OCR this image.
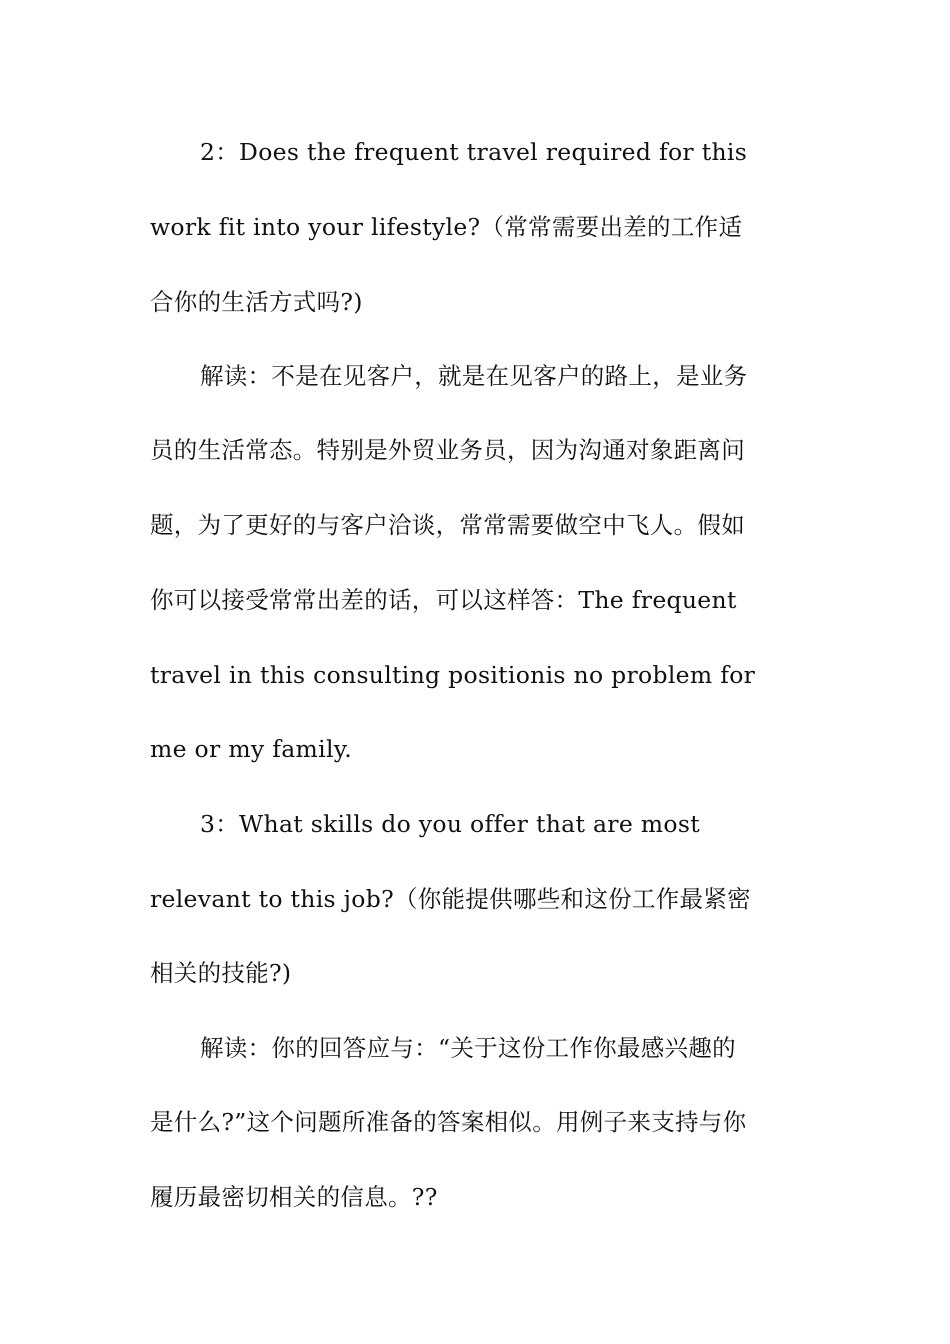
2：Does the frequent travel required for this
work fit into your lifestyle?（常常需要出差的工作适
合你的生活方式吗?)
解读：不是在见客户，就是在见客户的路上，是业务
员的生活常态。特别是外贸业务员，因为沟通对象距离问
题，为了更好的与客户洽谈，常常需要做空中飞人。假如
你可以接受常常出差的话，可以这样答：The frequent
travel in this consulting positionis no problem for
me or my family.
3：What skills do you offer that are most
relevant to this job?（你能提供哪些和这份工作最紧密
相关的技能?)
解读：你的回答应与：“关于这份工作你最感兴趣的
是什么?”这个问题所准备的答案相似。用例子来支持与你
履历最密切相关的信息。??
